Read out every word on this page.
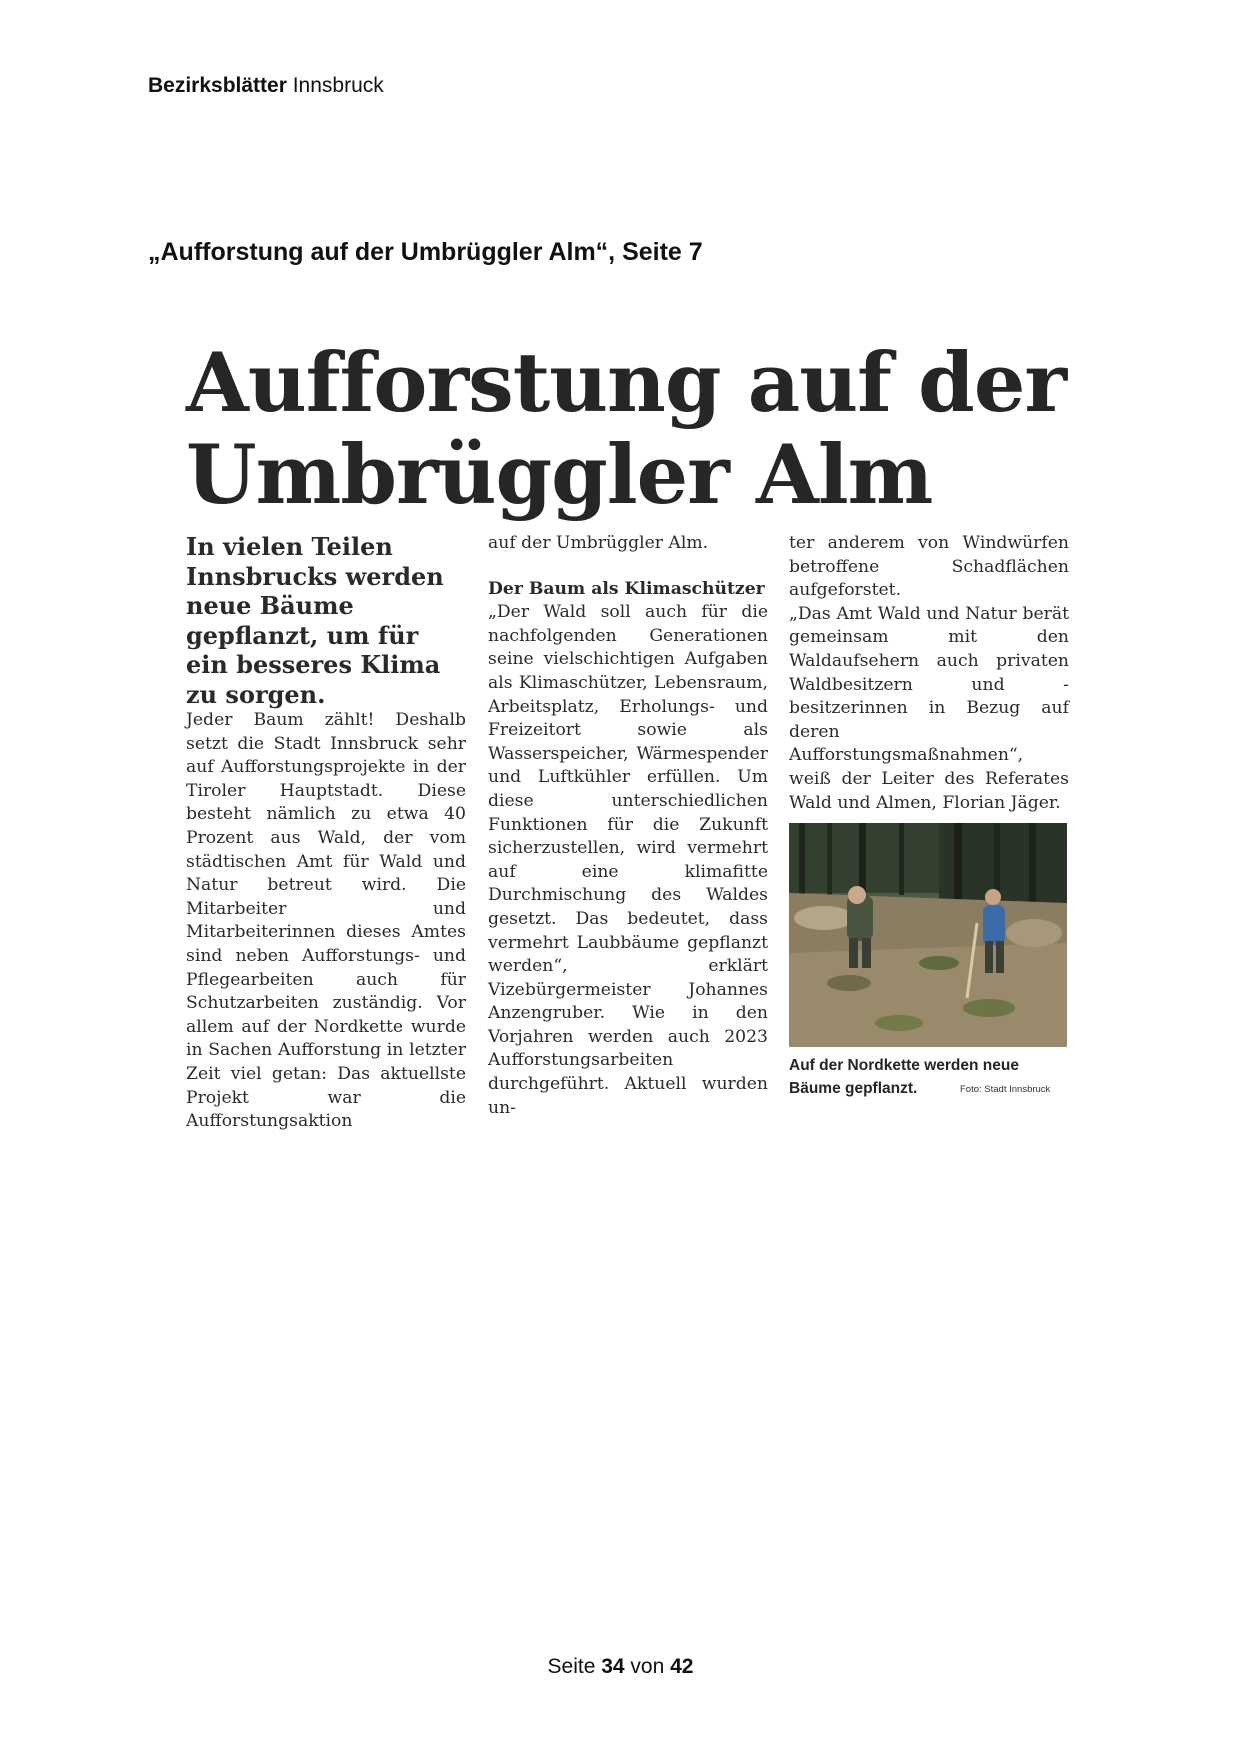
Bezirksblätter Innsbruck
„Aufforstung auf der Umbrüggler Alm“, Seite 7
Aufforstung auf der
Umbrüggler Alm

In vielen Teilen Innsbrucks werden neue Bäume gepflanzt, um für ein besseres Klima zu sorgen.

Jeder Baum zählt! Deshalb setzt die Stadt Innsbruck sehr auf Aufforstungsprojekte in der Tiroler Hauptstadt. Diese besteht nämlich zu etwa 40 Prozent aus Wald, der vom städtischen Amt für Wald und Natur betreut wird. Die Mitarbeiter und Mitarbeiterinnen dieses Amtes sind neben Aufforstungs- und Pflegearbeiten auch für Schutzarbeiten zuständig. Vor allem auf der Nordkette wurde in Sachen Aufforstung in letzter Zeit viel getan: Das aktuellste Projekt war die Aufforstungsaktion

auf der Umbrüggler Alm.

Der Baum als Klimaschützer

„Der Wald soll auch für die nachfolgenden Generationen seine vielschichtigen Aufgaben als Klimaschützer, Lebensraum, Arbeitsplatz, Erholungs- und Freizeitort sowie als Wasserspeicher, Wärmespender und Luftkühler erfüllen. Um diese unterschiedlichen Funktionen für die Zukunft sicherzustellen, wird vermehrt auf eine klimafitte Durchmischung des Waldes gesetzt. Das bedeutet, dass vermehrt Laubbäume gepflanzt werden“, erklärt Vizebürgermeister Johannes Anzengruber. Wie in den Vorjahren werden auch 2023 Aufforstungsarbeiten durchgeführt. Aktuell wurden un-

ter anderem von Windwürfen betroffene Schadflächen aufgeforstet.

„Das Amt Wald und Natur berät gemeinsam mit den Waldaufsehern auch privaten Waldbesitzern und -besitzerinnen in Bezug auf deren Aufforstungsmaßnahmen“, weiß der Leiter des Referates Wald und Almen, Florian Jäger.

Auf der Nordkette werden neue Bäume gepflanzt.	Foto: Stadt Innsbruck
Seite 34 von 42
